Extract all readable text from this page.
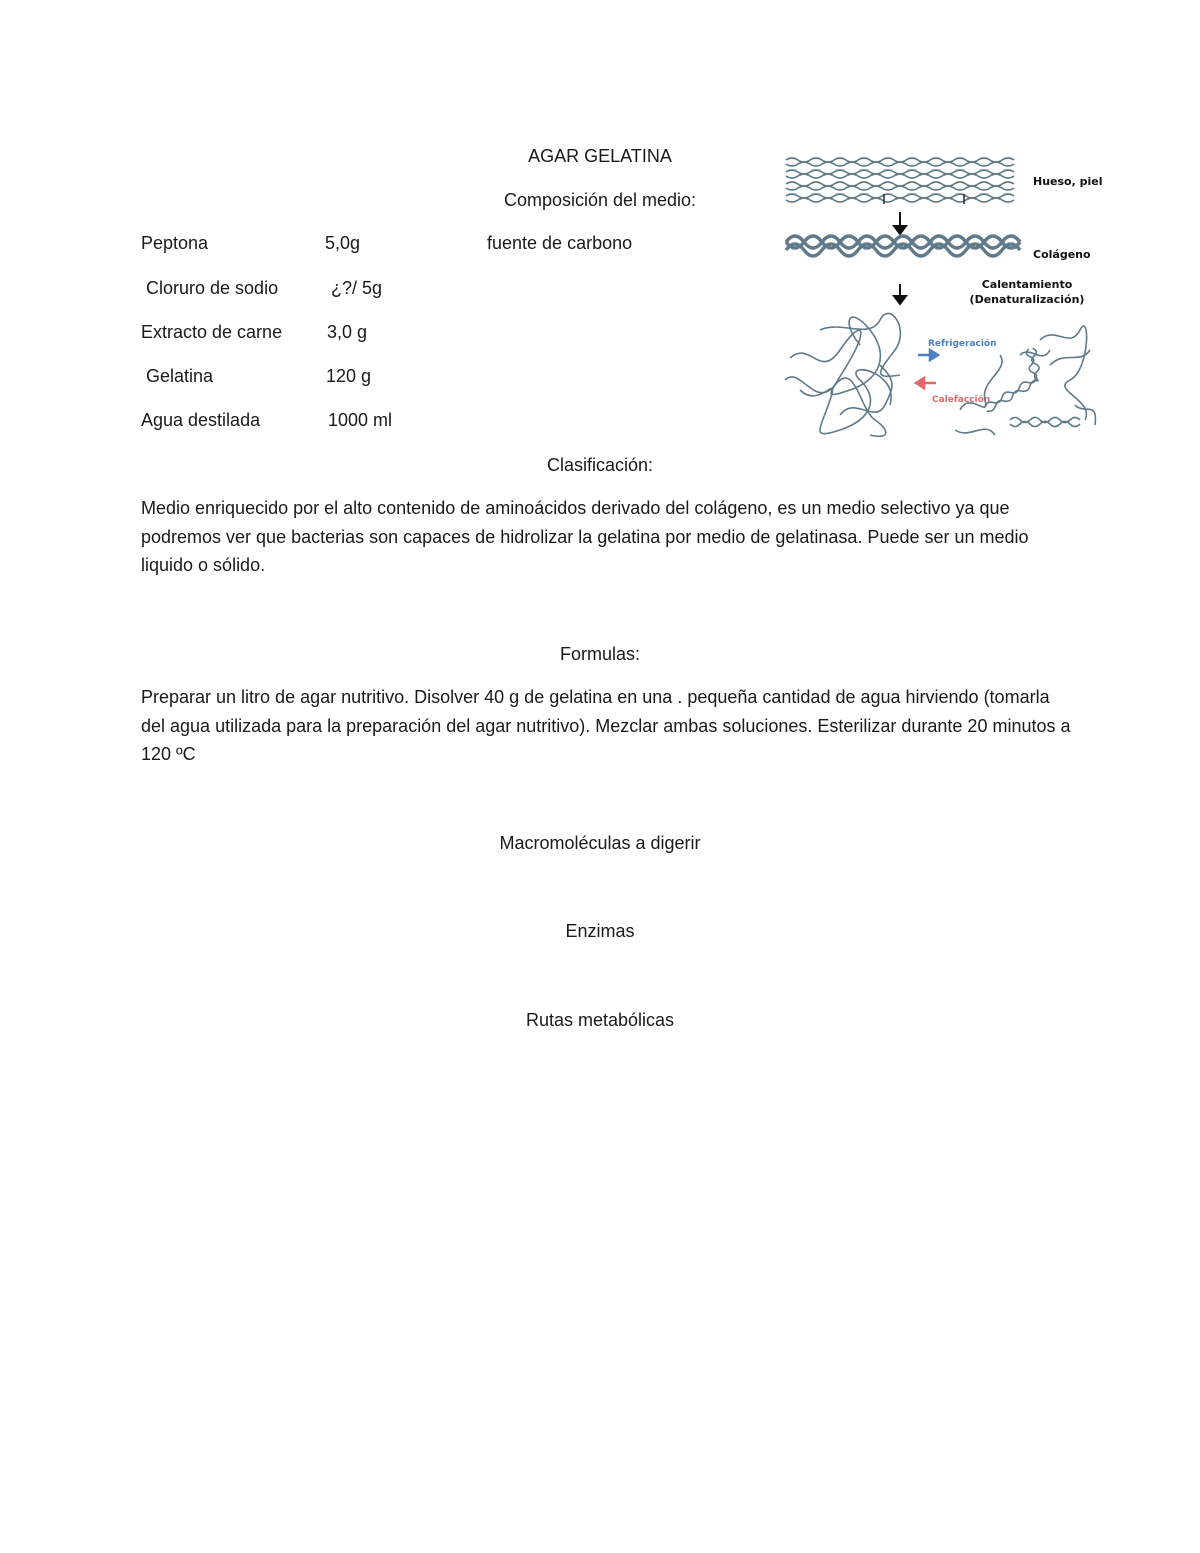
AGAR GELATINA
Composición del medio:
Peptona	5,0g	fuente de carbono
Cloruro de sodio	¿?/ 5g
Extracto de carne 3,0 g
Gelatina	120 g
Agua destilada	1000 ml
Hueso, piel
Colágeno
Calentamiento
(Denaturalización)
Refrigeración
Calefacción
Clasificación:
Medio enriquecido por el alto contenido de aminoácidos derivado del colágeno, es un medio selectivo ya que podremos ver que bacterias son capaces de hidrolizar la gelatina por medio de gelatinasa. Puede ser un medio liquido o sólido.
Formulas:
Preparar un litro de agar nutritivo. Disolver 40 g de gelatina en una . pequeña cantidad de agua hirviendo (tomarla del agua utilizada para la preparación del agar nutritivo). Mezclar ambas soluciones. Esterilizar durante 20 minutos a 120 ºC
Macromoléculas a digerir
Enzimas
Rutas metabólicas
